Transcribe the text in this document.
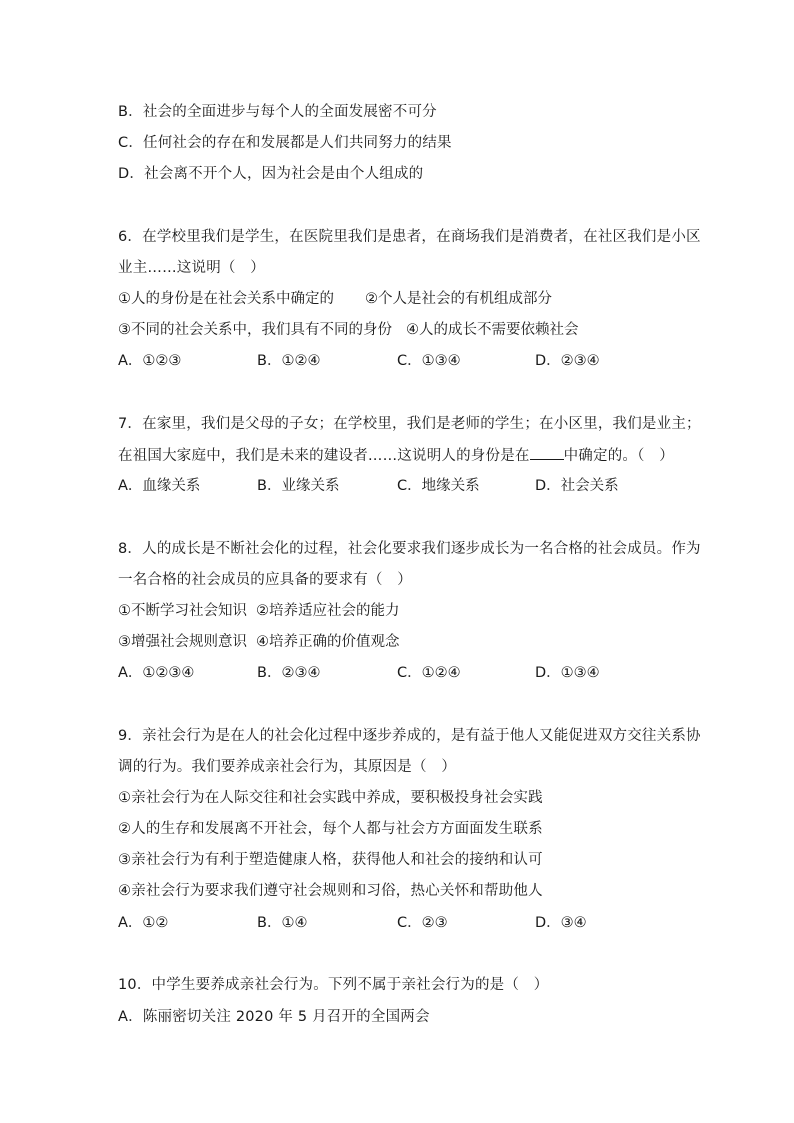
B．社会的全面进步与每个人的全面发展密不可分
C．任何社会的存在和发展都是人们共同努力的结果
D．社会离不开个人，因为社会是由个人组成的
6．在学校里我们是学生，在医院里我们是患者，在商场我们是消费者，在社区我们是小区
业主……这说明（　）
①人的身份是在社会关系中确定的 ②个人是社会的有机组成部分
③不同的社会关系中，我们具有不同的身份 ④人的成长不需要依赖社会
A．①②③	B．①②④	C．①③④	D．②③④
7．在家里，我们是父母的子女；在学校里，我们是老师的学生；在小区里，我们是业主；
在祖国大家庭中，我们是未来的建设者……这说明人的身份是在 中确定的。（　）
A．血缘关系	B．业缘关系	C．地缘关系	D．社会关系
8．人的成长是不断社会化的过程，社会化要求我们逐步成长为一名合格的社会成员。作为
一名合格的社会成员的应具备的要求有（　）
①不断学习社会知识 ②培养适应社会的能力
③增强社会规则意识 ④培养正确的价值观念
A．①②③④	B．②③④	C．①②④	D．①③④
9．亲社会行为是在人的社会化过程中逐步养成的，是有益于他人又能促进双方交往关系协
调的行为。我们要养成亲社会行为，其原因是（　）
①亲社会行为在人际交往和社会实践中养成，要积极投身社会实践
②人的生存和发展离不开社会，每个人都与社会方方面面发生联系
③亲社会行为有利于塑造健康人格，获得他人和社会的接纳和认可
④亲社会行为要求我们遵守社会规则和习俗，热心关怀和帮助他人
A．①②	B．①④	C．②③	D．③④
10．中学生要养成亲社会行为。下列不属于亲社会行为的是（　）
A．陈丽密切关注 2020 年 5 月召开的全国两会
